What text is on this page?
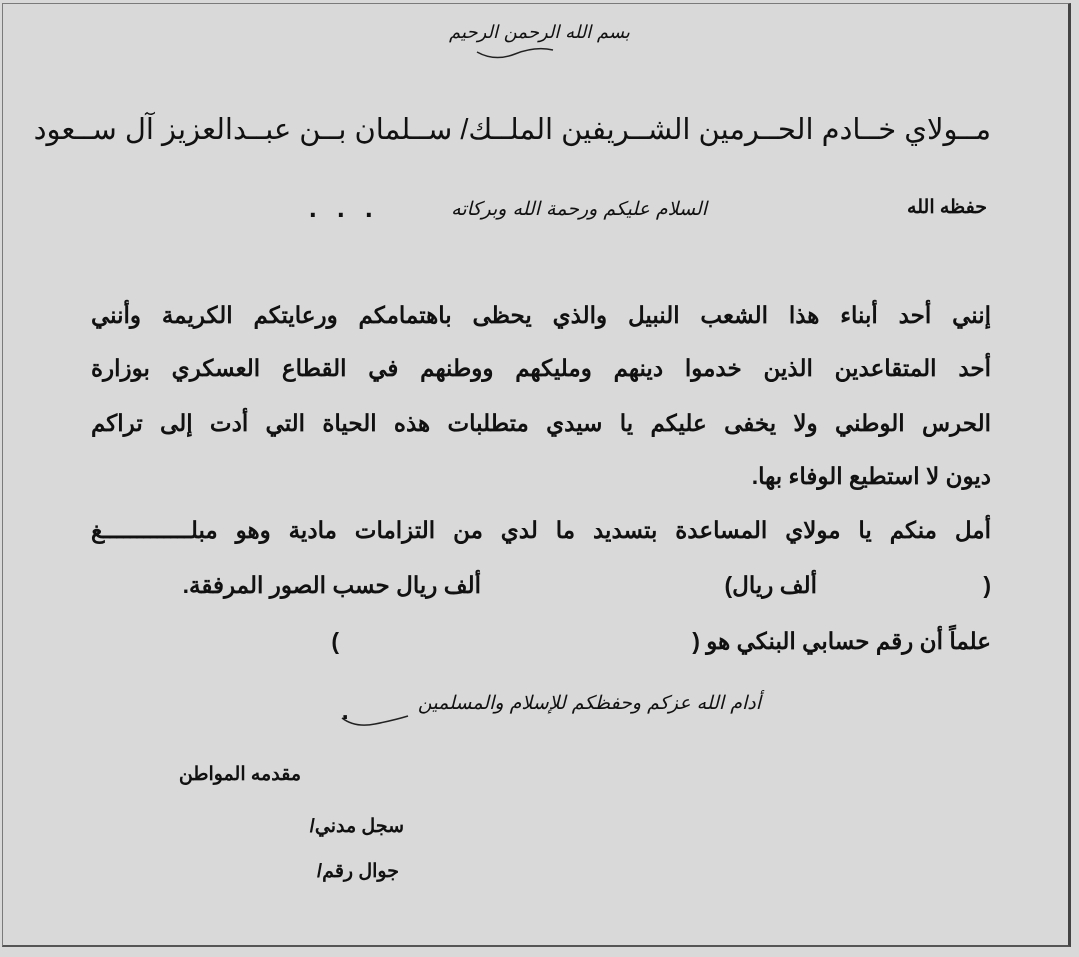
بسم الله الرحمن الرحيم
مــولاي خــادم الحــرمين الشــريفين الملــك/ ســلمان بــن عبــدالعزيز آل ســعود
حفظه الله
السلام عليكم ورحمة الله وبركاته
. . .
إنني أحد أبناء هذا الشعب النبيل والذي يحظى باهتمامكم ورعايتكم الكريمة وأنني
أحد المتقاعدين الذين خدموا دينهم ومليكهم ووطنهم في القطاع العسكري بوزارة
الحرس الوطني ولا يخفى عليكم يا سيدي متطلبات هذه الحياة التي أدت إلى تراكم
ديون لا استطيع الوفاء بها.
أمل منكم يا مولاي المساعدة بتسديد ما لدي من التزامات مادية وهو مبلـــــــــــــغ
(
ألف ريال)
ألف ريال حسب الصور المرفقة.
علماً أن رقم حسابي البنكي هو (
)
أدام الله عزكم وحفظكم للإسلام والمسلمين
.
مقدمه المواطن
سجل مدني/
جوال رقم/
